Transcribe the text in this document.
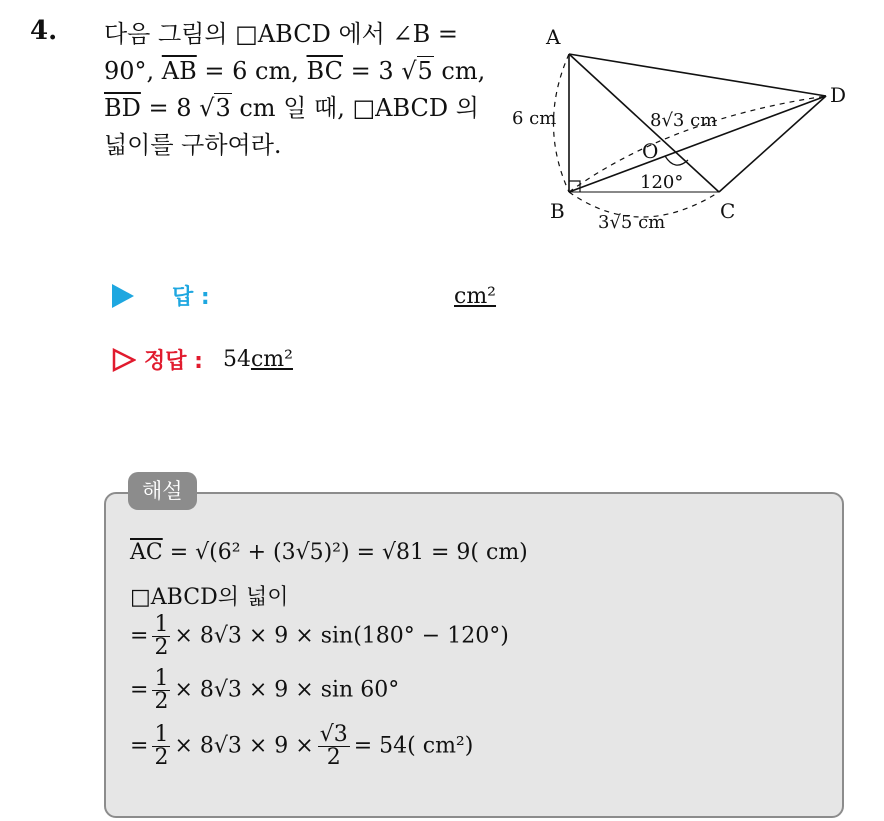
4. 다음 그림의 □ABCD 에서 ∠B =
90°, $\overline{AB} = 6$ cm, $\overline{BC} = 3$ √5 cm,
$\overline{BD} = 8$ √3 cm 일 때, □ABCD 의
넓이를 구하여라.
A
B	C
D
O
6 cm	8√3 cm
3√5 cm
120°
답 :	cm²
정답 : 54cm²
해설
$\overline{AC} = √(6^2 + (3√5)^2) = √81 = 9$( cm)
□ABCD의 넓이
= $\frac{1}{2} \times 8√3 \times 9 \times \sin(180^\circ - 120^\circ)$
= $\frac{1}{2} \times 8√3 \times 9 \times \sin 60^\circ$
= $\frac{1}{2} \times 8√3 \times 9 \times \frac{√3}{2} = 54$( cm²)
